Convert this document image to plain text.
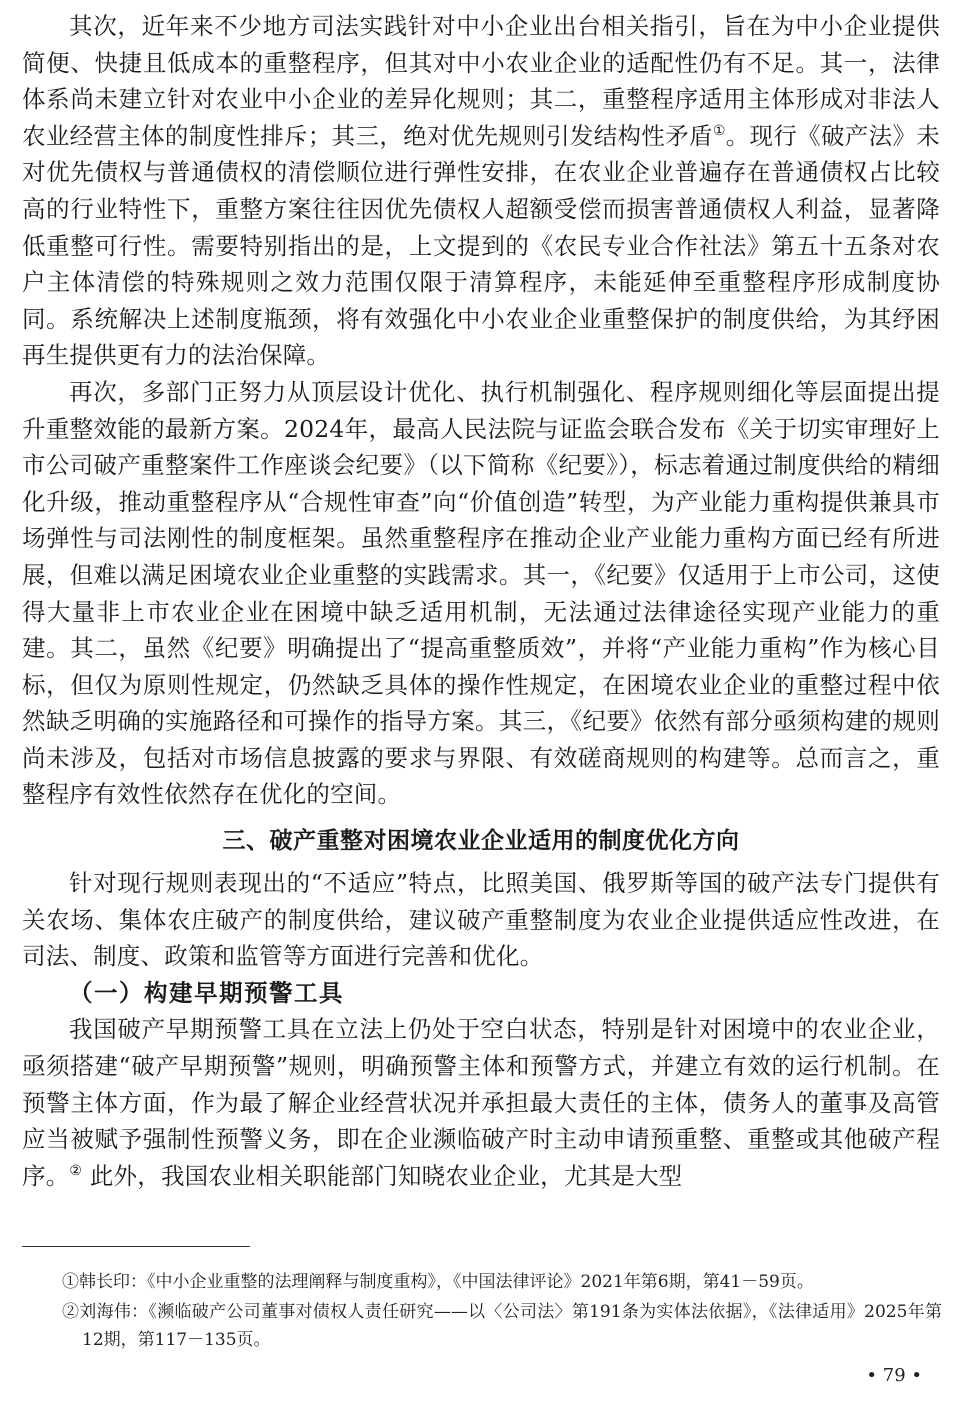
其次，近年来不少地方司法实践针对中小企业出台相关指引，旨在为中小企业提供简便、快捷且低成本的重整程序，但其对中小农业企业的适配性仍有不足。其一，法律体系尚未建立针对农业中小企业的差异化规则；其二，重整程序适用主体形成对非法人农业经营主体的制度性排斥；其三，绝对优先规则引发结构性矛盾①。现行《破产法》未对优先债权与普通债权的清偿顺位进行弹性安排，在农业企业普遍存在普通债权占比较高的行业特性下，重整方案往往因优先债权人超额受偿而损害普通债权人利益，显著降低重整可行性。需要特别指出的是，上文提到的《农民专业合作社法》第五十五条对农户主体清偿的特殊规则之效力范围仅限于清算程序，未能延伸至重整程序形成制度协同。系统解决上述制度瓶颈，将有效强化中小农业企业重整保护的制度供给，为其纾困再生提供更有力的法治保障。

再次，多部门正努力从顶层设计优化、执行机制强化、程序规则细化等层面提出提升重整效能的最新方案。2024年，最高人民法院与证监会联合发布《关于切实审理好上市公司破产重整案件工作座谈会纪要》（以下简称《纪要》），标志着通过制度供给的精细化升级，推动重整程序从“合规性审查”向“价值创造”转型，为产业能力重构提供兼具市场弹性与司法刚性的制度框架。虽然重整程序在推动企业产业能力重构方面已经有所进展，但难以满足困境农业企业重整的实践需求。其一，《纪要》仅适用于上市公司，这使得大量非上市农业企业在困境中缺乏适用机制，无法通过法律途径实现产业能力的重建。其二，虽然《纪要》明确提出了“提高重整质效”，并将“产业能力重构”作为核心目标，但仅为原则性规定，仍然缺乏具体的操作性规定，在困境农业企业的重整过程中依然缺乏明确的实施路径和可操作的指导方案。其三，《纪要》依然有部分亟须构建的规则尚未涉及，包括对市场信息披露的要求与界限、有效磋商规则的构建等。总而言之，重整程序有效性依然存在优化的空间。

三、破产重整对困境农业企业适用的制度优化方向

针对现行规则表现出的“不适应”特点，比照美国、俄罗斯等国的破产法专门提供有关农场、集体农庄破产的制度供给，建议破产重整制度为农业企业提供适应性改进，在司法、制度、政策和监管等方面进行完善和优化。

（一）构建早期预警工具

我国破产早期预警工具在立法上仍处于空白状态，特别是针对困境中的农业企业，亟须搭建“破产早期预警”规则，明确预警主体和预警方式，并建立有效的运行机制。在预警主体方面，作为最了解企业经营状况并承担最大责任的主体，债务人的董事及高管应当被赋予强制性预警义务，即在企业濒临破产时主动申请预重整、重整或其他破产程序。② 此外，我国农业相关职能部门知晓农业企业，尤其是大型

①韩长印：《中小企业重整的法理阐释与制度重构》，《中国法律评论》2021年第6期，第41－59页。

②刘海伟：《濒临破产公司董事对债权人责任研究——以〈公司法〉第191条为实体法依据》，《法律适用》2025年第12期，第117－135页。

• 79 •
